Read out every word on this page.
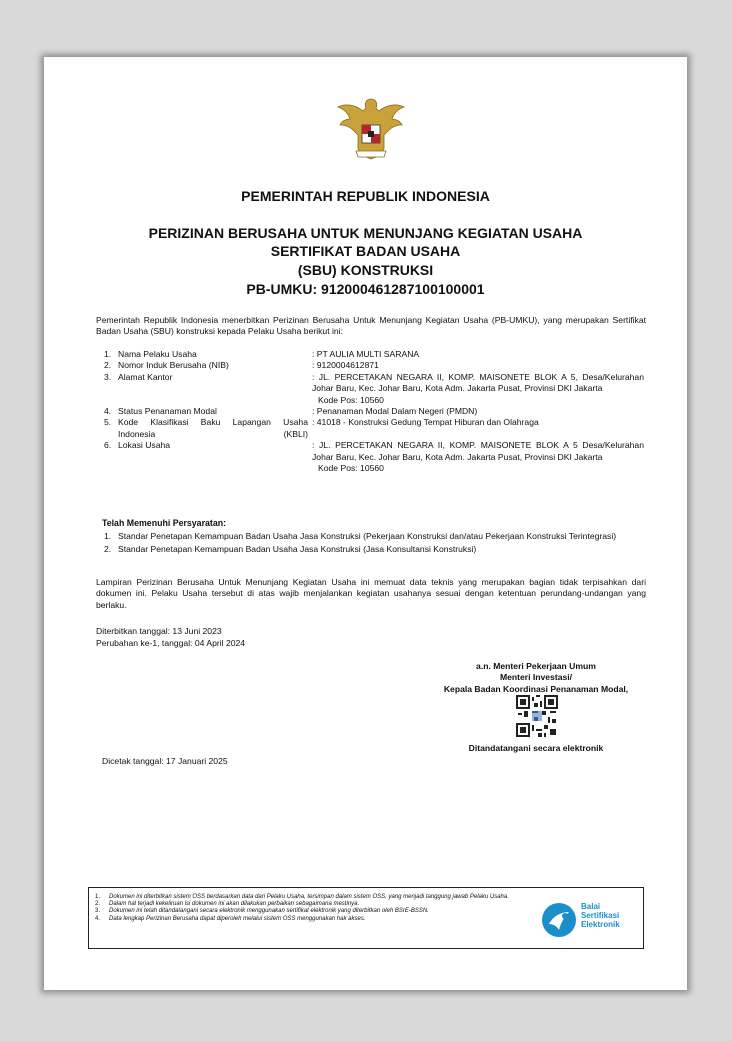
PEMERINTAH REPUBLIK INDONESIA
PERIZINAN BERUSAHA UNTUK MENUNJANG KEGIATAN USAHA
SERTIFIKAT BADAN USAHA
(SBU) KONSTRUKSI
PB-UMKU: 912000461287100100001
Pemerintah Republik Indonesia menerbitkan Perizinan Berusaha Untuk Menunjang Kegiatan Usaha (PB-UMKU), yang merupakan Sertifikat Badan Usaha (SBU) konstruksi kepada Pelaku Usaha berikut ini:
1.	Nama Pelaku Usaha	: PT AULIA MULTI SARANA
2.	Nomor Induk Berusaha (NIB)	: 9120004612871
3.	Alamat Kantor	: JL. PERCETAKAN NEGARA II, KOMP. MAISONETE BLOK A 5, Desa/Kelurahan Johar Baru, Kec. Johar Baru, Kota Adm. Jakarta Pusat, Provinsi DKI Jakarta
Kode Pos: 10560

4.	Status Penanaman Modal	: Penanaman Modal Dalam Negeri (PMDN)
5.	Kode Klasifikasi Baku Lapangan Usaha Indonesia (KBLI)	: 41018 - Konstruksi Gedung Tempat Hiburan dan Olahraga
6.	Lokasi Usaha	: JL. PERCETAKAN NEGARA II, KOMP. MAISONETE BLOK A 5 Desa/Kelurahan Johar Baru, Kec. Johar Baru, Kota Adm. Jakarta Pusat, Provinsi DKI Jakarta
Kode Pos: 10560
Telah Memenuhi Persyaratan:
1. Standar Penetapan Kemampuan Badan Usaha Jasa Konstruksi (Pekerjaan Konstruksi dan/atau Pekerjaan Konstruksi Terintegrasi)
2. Standar Penetapan Kemampuan Badan Usaha Jasa Konstruksi (Jasa Konsultansi Konstruksi)
Lampiran Perizinan Berusaha Untuk Menunjang Kegiatan Usaha ini memuat data teknis yang merupakan bagian tidak terpisahkan dari dokumen ini. Pelaku Usaha tersebut di atas wajib menjalankan kegiatan usahanya sesuai dengan ketentuan perundang-undangan yang berlaku.
Diterbitkan tanggal: 13 Juni 2023
Perubahan ke-1, tanggal: 04 April 2024
a.n. Menteri Pekerjaan Umum
Menteri Investasi/
Kepala Badan Koordinasi Penanaman Modal,
Ditandatangani secara elektronik
Dicetak tanggal: 17 Januari 2025
1.	Dokumen ini diterbitkan sistem OSS berdasarkan data dari Pelaku Usaha, tersimpan dalam sistem OSS, yang menjadi tanggung jawab Pelaku Usaha.
2.	Dalam hal terjadi kekeliruan isi dokumen ini akan dilakukan perbaikan sebagaimana mestinya.
3.	Dokumen ini telah ditandatangani secara elektronik menggunakan sertifikat elektronik yang diterbitkan oleh BSrE-BSSN.
4.	Data lengkap Perizinan Berusaha dapat diperoleh melalui sistem OSS menggunakan hak akses.
Balai
Sertifikasi
Elektronik
